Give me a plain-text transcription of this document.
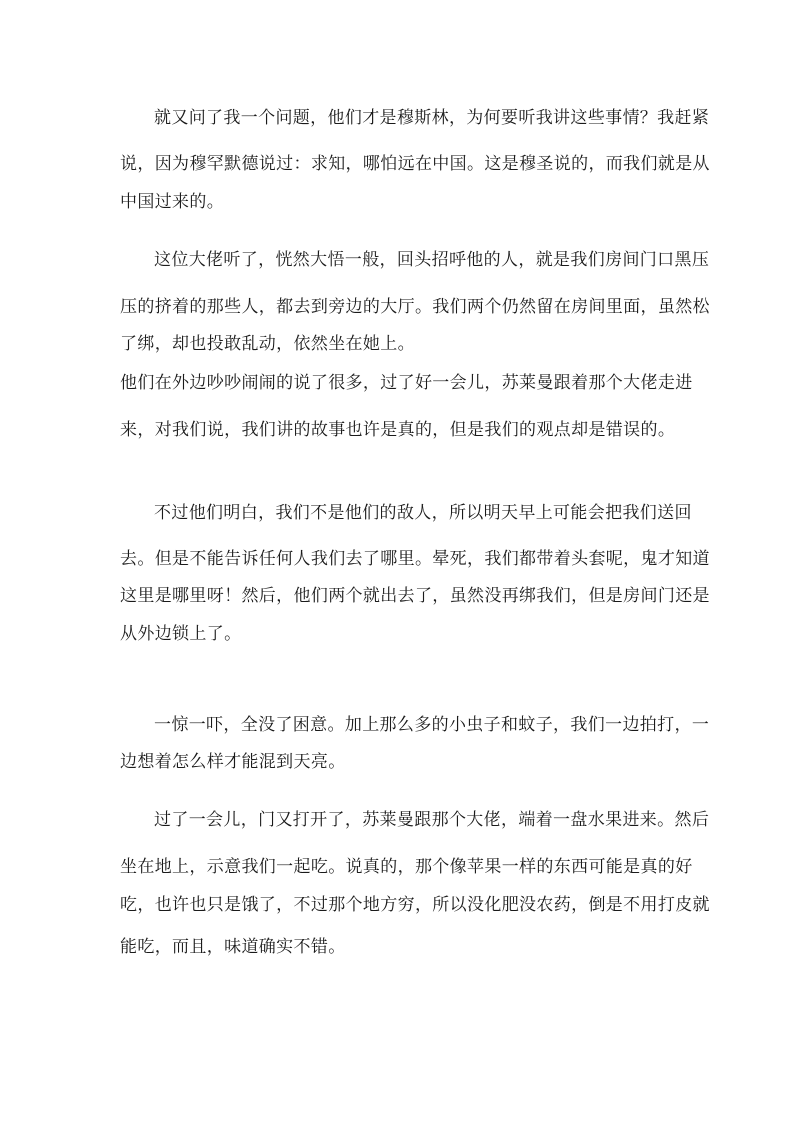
就又问了我一个问题，他们才是穆斯林，为何要听我讲这些事情？我赶紧
说，因为穆罕默德说过：求知，哪怕远在中国。这是穆圣说的，而我们就是从
中国过来的。
这位大佬听了，恍然大悟一般，回头招呼他的人，就是我们房间门口黑压
压的挤着的那些人，都去到旁边的大厅。我们两个仍然留在房间里面，虽然松
了绑，却也投敢乱动，依然坐在她上。
他们在外边吵吵闹闹的说了很多，过了好一会儿，苏莱曼跟着那个大佬走进
来，对我们说，我们讲的故事也许是真的，但是我们的观点却是错误的。
不过他们明白，我们不是他们的敌人，所以明天早上可能会把我们送回
去。但是不能告诉任何人我们去了哪里。晕死，我们都带着头套呢，鬼才知道
这里是哪里呀！然后，他们两个就出去了，虽然没再绑我们，但是房间门还是
从外边锁上了。
一惊一吓，全没了困意。加上那么多的小虫子和蚊子，我们一边拍打，一
边想着怎么样才能混到天亮。
过了一会儿，门又打开了，苏莱曼跟那个大佬，端着一盘水果进来。然后
坐在地上，示意我们一起吃。说真的，那个像苹果一样的东西可能是真的好
吃，也许也只是饿了，不过那个地方穷，所以没化肥没农药，倒是不用打皮就
能吃，而且，味道确实不错。
